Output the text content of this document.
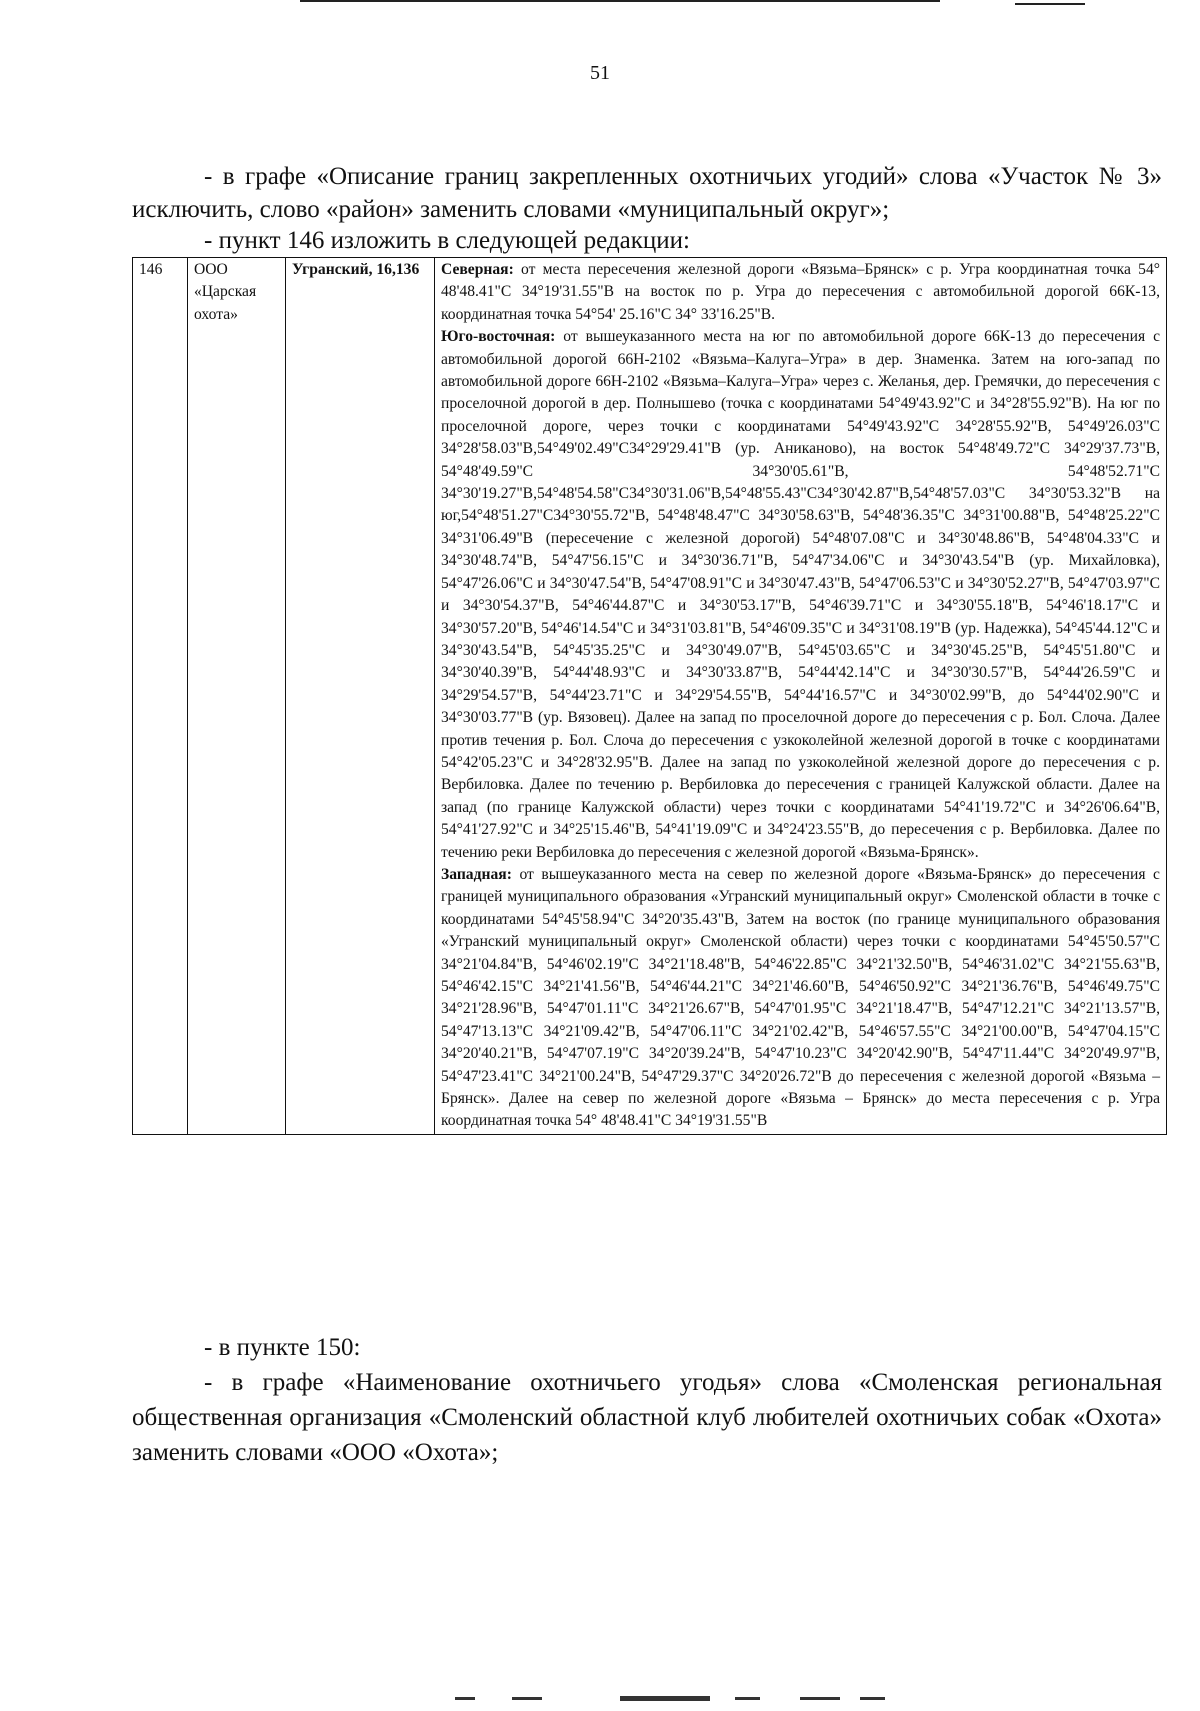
51
- в графе «Описание границ закрепленных охотничьих угодий» слова «Участок № 3» исключить, слово «район» заменить словами «муниципальный округ»;
- пункт 146 изложить в следующей редакции:
146	ООО «Царская охота»	Угранский, 16,136	Северная: от места пересечения железной дороги «Вязьма–Брянск» с р. Угра координатная точка 54° 48'48.41"С 34°19'31.55"В на восток по р. Угра до пересечения с автомобильной дорогой 66К-13, координатная точка 54°54' 25.16"С 34° 33'16.25"В.

Юго-восточная: от вышеуказанного места на юг по автомобильной дороге 66К-13 до пересечения с автомобильной дорогой 66Н-2102 «Вязьма–Калуга–Угра» в дер. Знаменка. Затем на юго-запад по автомобильной дороге 66Н-2102 «Вязьма–Калуга–Угра» через с. Желанья, дер. Гремячки, до пересечения с проселочной дорогой в дер. Полнышево (точка с координатами 54°49'43.92"С и 34°28'55.92"В). На юг по проселочной дороге, через точки с координатами 54°49'43.92"С 34°28'55.92"В, 54°49'26.03"С 34°28'58.03"В,54°49'02.49"С34°29'29.41"В (ур. Аниканово), на восток 54°48'49.72"С 34°29'37.73"В, 54°48'49.59"С 34°30'05.61"В, 54°48'52.71"С 34°30'19.27"В,54°48'54.58"С34°30'31.06"В,54°48'55.43"С34°30'42.87"В,54°48'57.03"С 34°30'53.32"В на юг,54°48'51.27"С34°30'55.72"В, 54°48'48.47"С 34°30'58.63"В, 54°48'36.35"С 34°31'00.88"В, 54°48'25.22"С 34°31'06.49"В (пересечение с железной дорогой) 54°48'07.08"С и 34°30'48.86"В, 54°48'04.33"С и 34°30'48.74"В, 54°47'56.15"С и 34°30'36.71"В, 54°47'34.06"С и 34°30'43.54"В (ур. Михайловка), 54°47'26.06"С и 34°30'47.54"В, 54°47'08.91"С и 34°30'47.43"В, 54°47'06.53"С и 34°30'52.27"В, 54°47'03.97"С и 34°30'54.37"В, 54°46'44.87"С и 34°30'53.17"В, 54°46'39.71"С и 34°30'55.18"В, 54°46'18.17"С и 34°30'57.20"В, 54°46'14.54"С и 34°31'03.81"В, 54°46'09.35"С и 34°31'08.19"В (ур. Надежка), 54°45'44.12"С и 34°30'43.54"В, 54°45'35.25"С и 34°30'49.07"В, 54°45'03.65"С и 34°30'45.25"В, 54°45'51.80"С и 34°30'40.39"В, 54°44'48.93"С и 34°30'33.87"В, 54°44'42.14"С и 34°30'30.57"В, 54°44'26.59"С и 34°29'54.57"В, 54°44'23.71"С и 34°29'54.55"В, 54°44'16.57"С и 34°30'02.99"В, до 54°44'02.90"С и 34°30'03.77"В (ур. Вязовец). Далее на запад по проселочной дороге до пересечения с р. Бол. Слоча. Далее против течения р. Бол. Слоча до пересечения с узкоколейной железной дорогой в точке с координатами 54°42'05.23"С и 34°28'32.95"В. Далее на запад по узкоколейной железной дороге до пересечения с р. Вербиловка. Далее по течению р. Вербиловка до пересечения с границей Калужской области. Далее на запад (по границе Калужской области) через точки с координатами 54°41'19.72"С и 34°26'06.64"В, 54°41'27.92"С и 34°25'15.46"В, 54°41'19.09"С и 34°24'23.55"В, до пересечения с р. Вербиловка. Далее по течению реки Вербиловка до пересечения с железной дорогой «Вязьма-Брянск».

Западная: от вышеуказанного места на север по железной дороге «Вязьма-Брянск» до пересечения с границей муниципального образования «Угранский муниципальный округ» Смоленской области в точке с координатами 54°45'58.94"С 34°20'35.43"В, Затем на восток (по границе муниципального образования «Угранский муниципальный округ» Смоленской области) через точки с координатами 54°45'50.57"С 34°21'04.84"В, 54°46'02.19"С 34°21'18.48"В, 54°46'22.85"С 34°21'32.50"В, 54°46'31.02"С 34°21'55.63"В, 54°46'42.15"С 34°21'41.56"В, 54°46'44.21"С 34°21'46.60"В, 54°46'50.92"С 34°21'36.76"В, 54°46'49.75"С 34°21'28.96"В, 54°47'01.11"С 34°21'26.67"В, 54°47'01.95"С 34°21'18.47"В, 54°47'12.21"С 34°21'13.57"В, 54°47'13.13"С 34°21'09.42"В, 54°47'06.11"С 34°21'02.42"В, 54°46'57.55"С 34°21'00.00"В, 54°47'04.15"С 34°20'40.21"В, 54°47'07.19"С 34°20'39.24"В, 54°47'10.23"С 34°20'42.90"В, 54°47'11.44"С 34°20'49.97"В, 54°47'23.41"С 34°21'00.24"В, 54°47'29.37"С 34°20'26.72"В до пересечения с железной дорогой «Вязьма – Брянск». Далее на север по железной дороге «Вязьма – Брянск» до места пересечения с р. Угра координатная точка 54° 48'48.41"С 34°19'31.55"В

- в пункте 150:
- в графе «Наименование охотничьего угодья» слова «Смоленская региональная общественная организация «Смоленский областной клуб любителей охотничьих собак «Охота» заменить словами «ООО «Охота»;
